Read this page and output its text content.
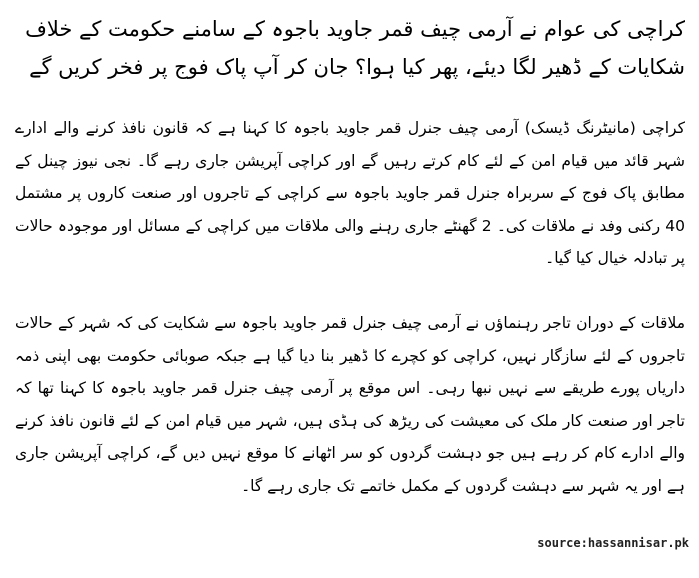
کراچی کی عوام نے آرمی چیف قمر جاوید باجوہ کے سامنے حکومت کے خلاف شکایات کے ڈھیر لگا دیئے، پھر کیا ہوا؟ جان کر آپ پاک فوج پر فخر کریں گے

کراچی (مانیٹرنگ ڈیسک) آرمی چیف جنرل قمر جاوید باجوہ کا کہنا ہے کہ قانون نافذ کرنے والے ادارے شہر قائد میں قیام امن کے لئے کام کرتے رہیں گے اور کراچی آپریشن جاری رہے گا۔ نجی نیوز چینل کے مطابق پاک فوج کے سربراہ جنرل قمر جاوید باجوہ سے کراچی کے تاجروں اور صنعت کاروں پر مشتمل 40 رکنی وفد نے ملاقات کی۔ 2 گھنٹے جاری رہنے والی ملاقات میں کراچی کے مسائل اور موجودہ حالات پر تبادلہ خیال کیا گیا۔

ملاقات کے دوران تاجر رہنماؤں نے آرمی چیف جنرل قمر جاوید باجوہ سے شکایت کی کہ شہر کے حالات تاجروں کے لئے سازگار نہیں، کراچی کو کچرے کا ڈھیر بنا دیا گیا ہے جبکہ صوبائی حکومت بھی اپنی ذمہ داریاں پورے طریقے سے نہیں نبھا رہی۔ اس موقع پر آرمی چیف جنرل قمر جاوید باجوہ کا کہنا تھا کہ تاجر اور صنعت کار ملک کی معیشت کی ریڑھ کی ہڈی ہیں، شہر میں قیام امن کے لئے قانون نافذ کرنے والے ادارے کام کر رہے ہیں جو دہشت گردوں کو سر اٹھانے کا موقع نہیں دیں گے، کراچی آپریشن جاری ہے اور یہ شہر سے دہشت گردوں کے مکمل خاتمے تک جاری رہے گا۔

source:hassannisar.pk
